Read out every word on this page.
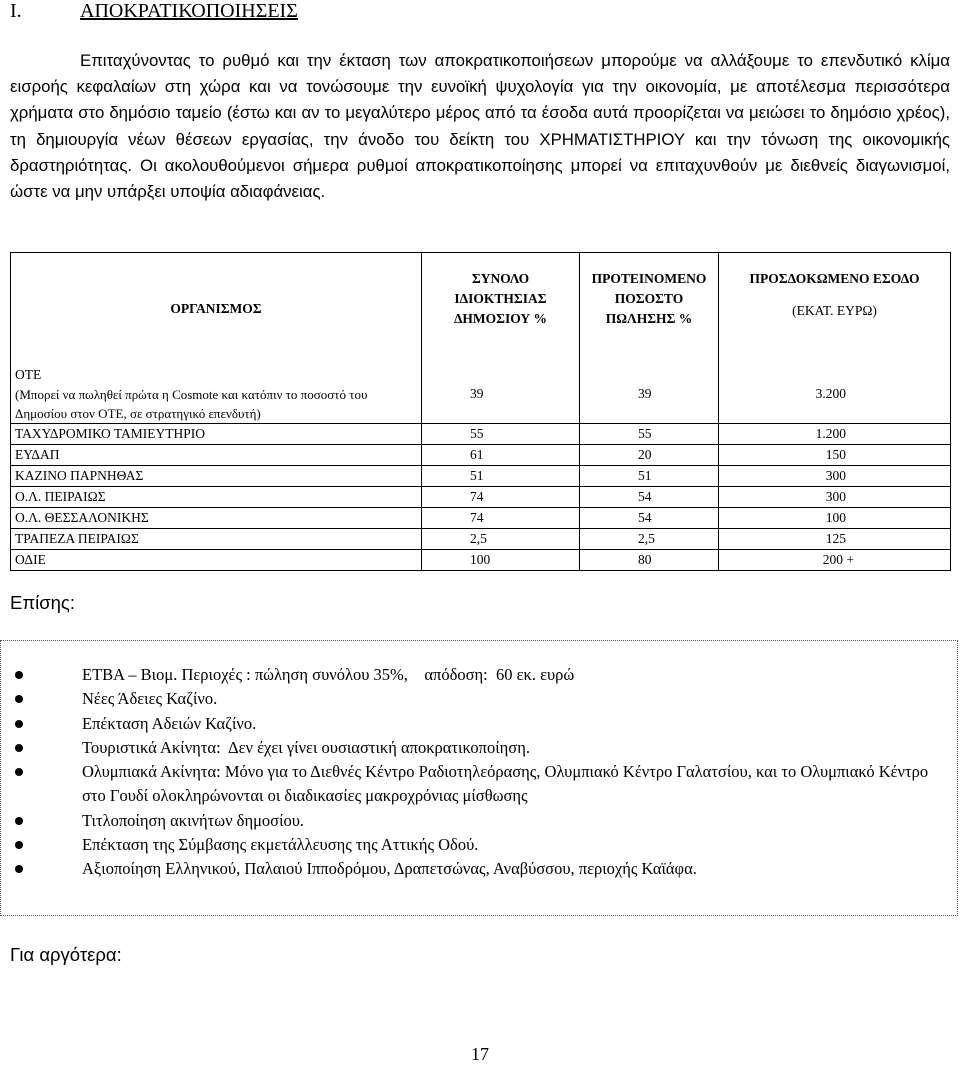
I.	ΑΠΟΚΡΑΤΙΚΟΠΟΙΗΣΕΙΣ

Επιταχύνοντας το ρυθμό και την έκταση των αποκρατικοποιήσεων μπορούμε να αλλάξουμε το επενδυτικό κλίμα εισροής κεφαλαίων στη χώρα και να τονώσουμε την ευνοϊκή ψυχολογία για την οικονομία, με αποτέλεσμα περισσότερα χρήματα στο δημόσιο ταμείο (έστω και αν το μεγαλύτερο μέρος από τα έσοδα αυτά προορίζεται να μειώσει το δημόσιο χρέος), τη δημιουργία νέων θέσεων εργασίας, την άνοδο του δείκτη του ΧΡΗΜΑΤΙΣΤΗΡΙΟΥ και την τόνωση της οικονομικής δραστηριότητας. Οι ακολουθούμενοι σήμερα ρυθμοί αποκρατικοποίησης μπορεί να επιταχυνθούν με διεθνείς διαγωνισμοί, ώστε να μην υπάρξει υποψία αδιαφάνειας.

ΟΡΓΑΝΙΣΜΟΣ	ΣΥΝΟΛΟ ΙΔΙΟΚΤΗΣΙΑΣ ΔΗΜΟΣΙΟΥ %	ΠΡΟΤΕΙΝΟΜΕΝΟ ΠΟΣΟΣΤΟ ΠΩΛΗΣΗΣ %	ΠΡΟΣΔΟΚΩΜΕΝΟ ΕΣΟΔΟ
(ΕΚΑΤ. ΕΥΡΩ)

ΟΤΕ
(Μπορεί να πωληθεί πρώτα η Cosmote και κατόπιν το ποσοστό του Δημοσίου στον ΟΤΕ, σε στρατηγικό επενδυτή)	39	39	3.200
ΤΑΧΥΔΡΟΜΙΚΟ ΤΑΜΙΕΥΤΗΡΙΟ	55	55	1.200
ΕΥΔΑΠ	61	20	150
ΚΑΖΙΝΟ ΠΑΡΝΗΘΑΣ	51	51	300
Ο.Λ. ΠΕΙΡΑΙΩΣ	74	54	300
Ο.Λ. ΘΕΣΣΑΛΟΝΙΚΗΣ	74	54	100
ΤΡΑΠΕΖΑ ΠΕΙΡΑΙΩΣ	2,5	2,5	125
ΟΔΙΕ	100	80	200 +
Επίσης:
ΕΤΒΑ – Βιομ. Περιοχές : πώληση συνόλου 35%,    απόδοση:  60 εκ. ευρώ
Νέες Άδειες Καζίνο.
Επέκταση Αδειών Καζίνο.
Τουριστικά Ακίνητα:  Δεν έχει γίνει ουσιαστική αποκρατικοποίηση.
Ολυμπιακά Ακίνητα: Μόνο για το Διεθνές Κέντρο Ραδιοτηλεόρασης, Ολυμπιακό Κέντρο Γαλατσίου, και το Ολυμπιακό Κέντρο στο Γουδί ολοκληρώνονται οι διαδικασίες μακροχρόνιας μίσθωσης
Τιτλοποίηση ακινήτων δημοσίου.
Επέκταση της Σύμβασης εκμετάλλευσης της Αττικής Οδού.
Αξιοποίηση Ελληνικού, Παλαιού Ιπποδρόμου, Δραπετσώνας, Αναβύσσου, περιοχής Καϊάφα.
Για αργότερα:
17
